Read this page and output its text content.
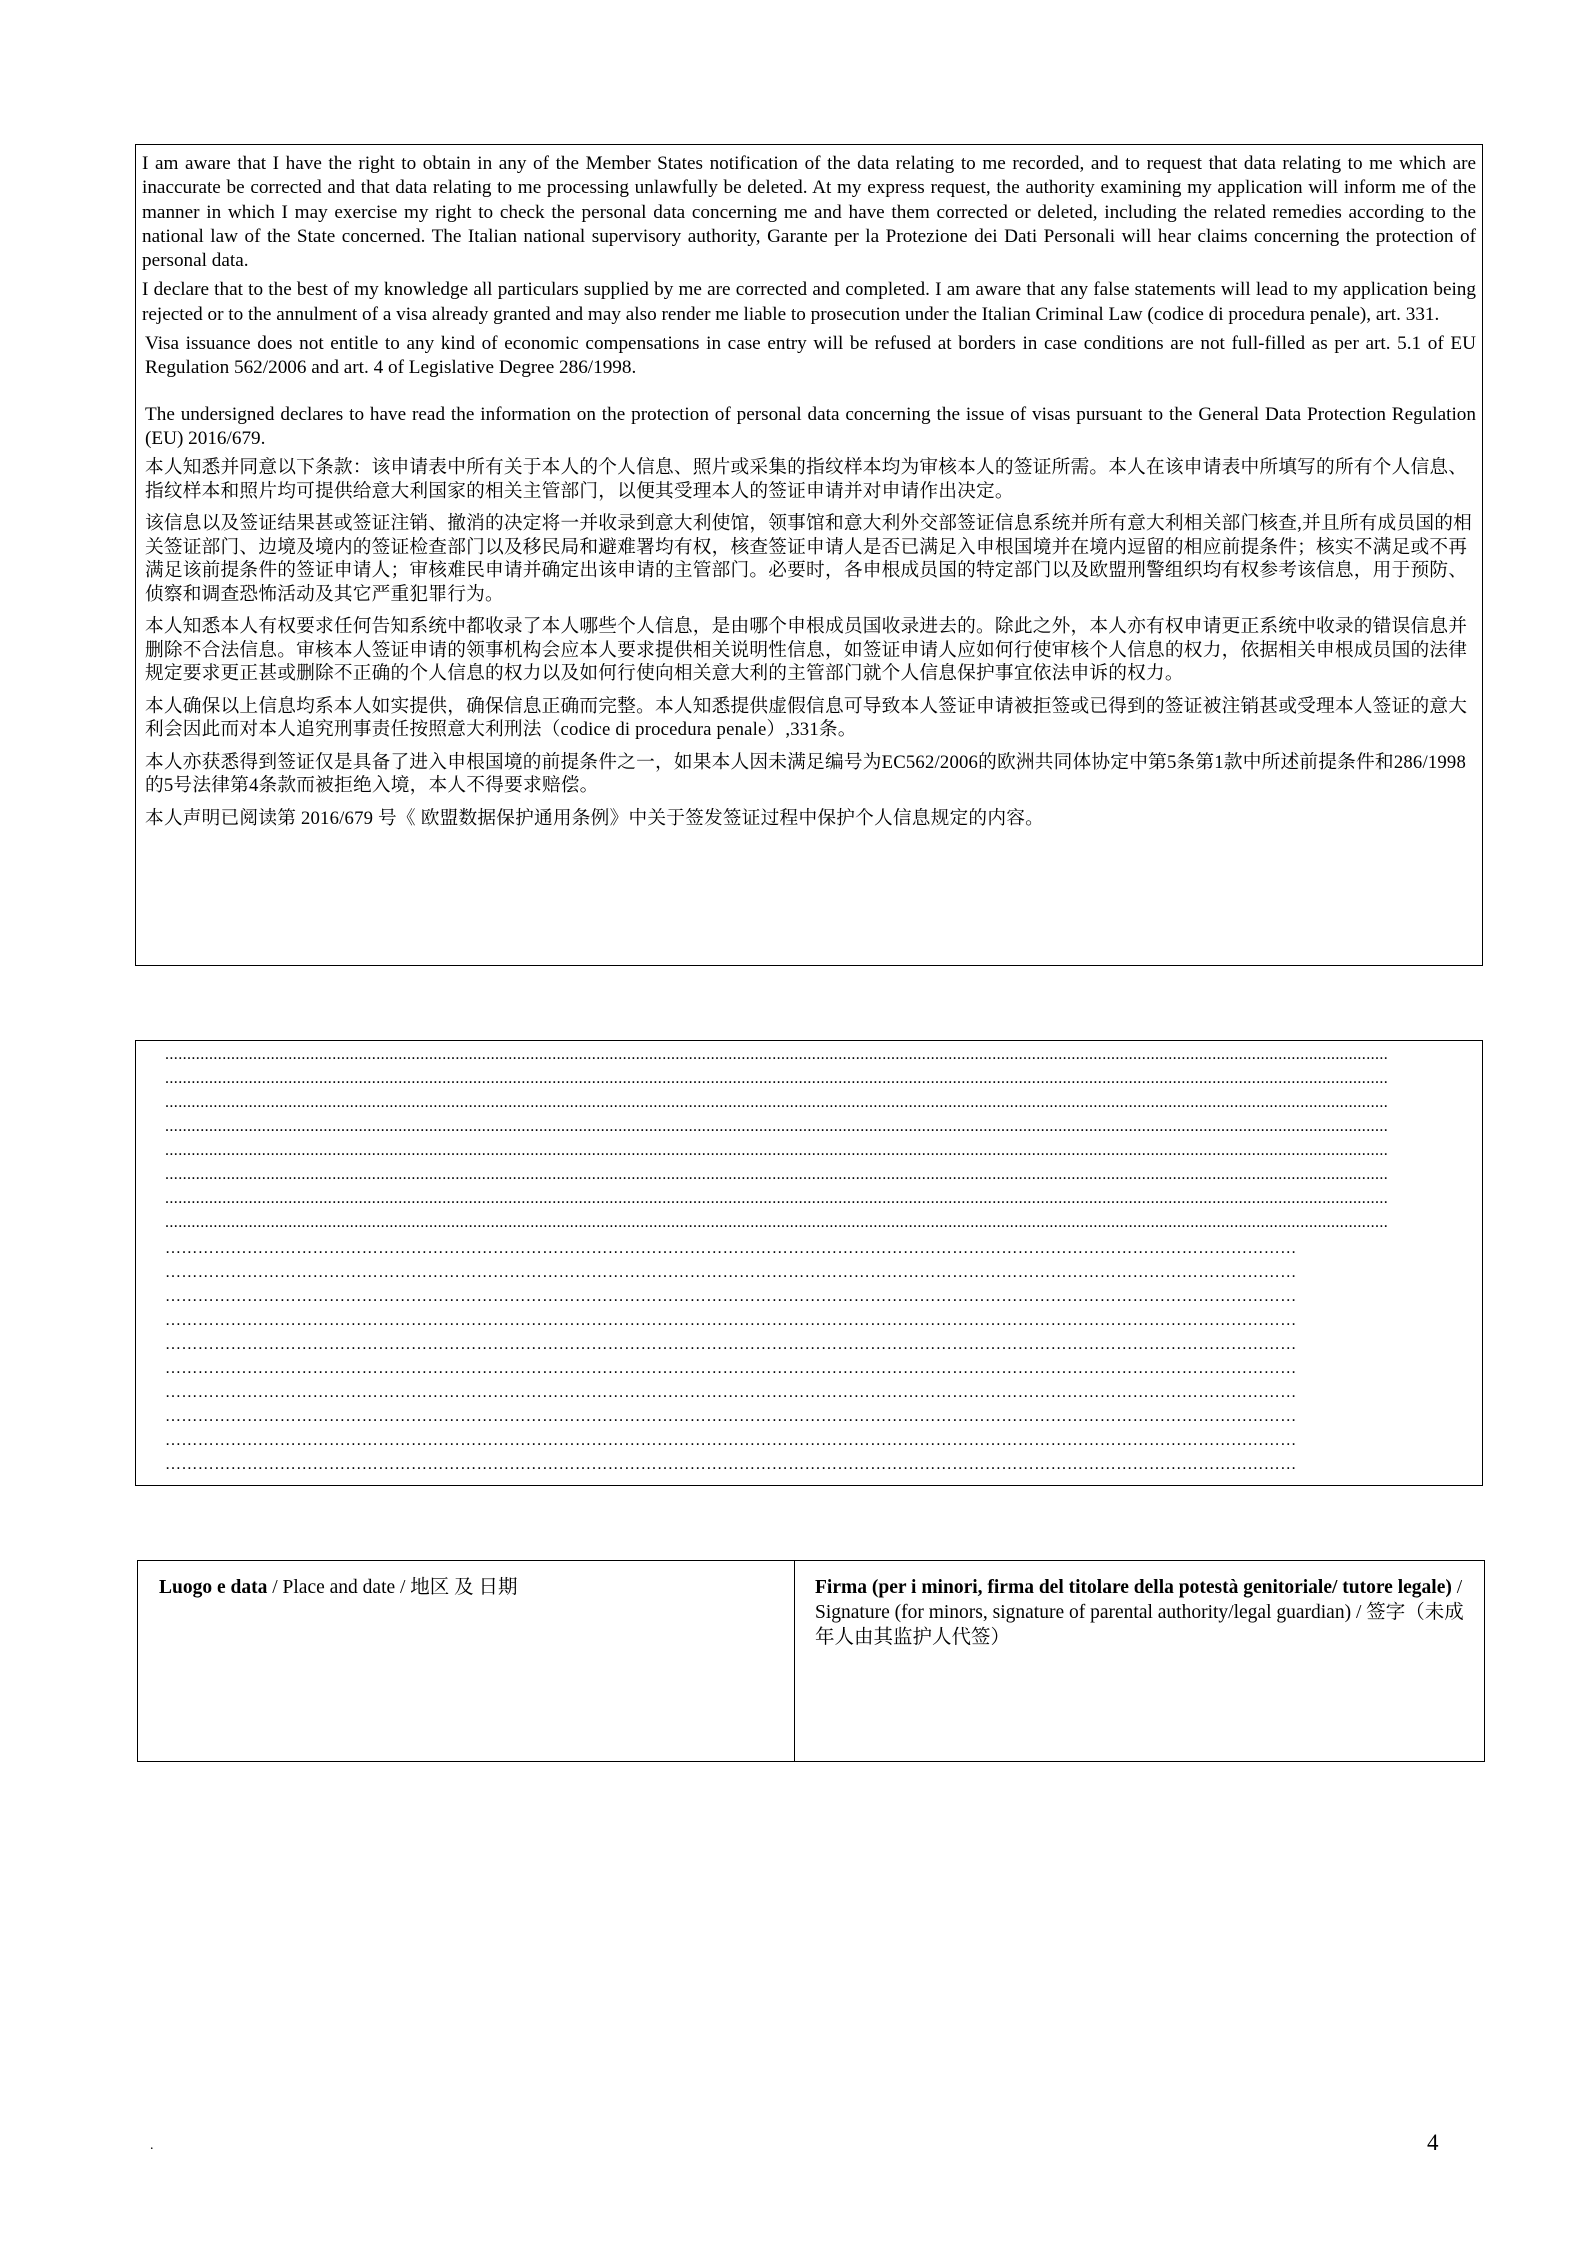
I am aware that I have the right to obtain in any of the Member States notification of the data relating to me recorded, and to request that data relating to me which are inaccurate be corrected and that data relating to me processing unlawfully be deleted. At my express request, the authority examining my application will inform me of the manner in which I may exercise my right to check the personal data concerning me and have them corrected or deleted, including the related remedies according to the national law of the State concerned. The Italian national supervisory authority, Garante per la Protezione dei Dati Personali will hear claims concerning the protection of personal data.

I declare that to the best of my knowledge all particulars supplied by me are corrected and completed. I am aware that any false statements will lead to my application being rejected or to the annulment of a visa already granted and may also render me liable to prosecution under the Italian Criminal Law (codice di procedura penale), art. 331.

Visa issuance does not entitle to any kind of economic compensations in case entry will be refused at borders in case conditions are not full-filled as per art. 5.1 of EU Regulation 562/2006 and art. 4 of Legislative Degree 286/1998.

The undersigned declares to have read the information on the protection of personal data concerning the issue of visas pursuant to the General Data Protection Regulation (EU) 2016/679.

本人知悉并同意以下条款：该申请表中所有关于本人的个人信息、照片或采集的指纹样本均为审核本人的签证所需。本人在该申请表中所填写的所有个人信息、指纹样本和照片均可提供给意大利国家的相关主管部门，以便其受理本人的签证申请并对申请作出决定。

该信息以及签证结果甚或签证注销、撤消的决定将一并收录到意大利使馆，领事馆和意大利外交部签证信息系统并所有意大利相关部门核查,并且所有成员国的相关签证部门、边境及境内的签证检查部门以及移民局和避难署均有权，核查签证申请人是否已满足入申根国境并在境内逗留的相应前提条件；核实不满足或不再满足该前提条件的签证申请人；审核难民申请并确定出该申请的主管部门。必要时，各申根成员国的特定部门以及欧盟刑警组织均有权参考该信息，用于预防、侦察和调查恐怖活动及其它严重犯罪行为。

本人知悉本人有权要求任何告知系统中都收录了本人哪些个人信息，是由哪个申根成员国收录进去的。除此之外，本人亦有权申请更正系统中收录的错误信息并删除不合法信息。审核本人签证申请的领事机构会应本人要求提供相关说明性信息，如签证申请人应如何行使审核个人信息的权力，依据相关申根成员国的法律规定要求更正甚或删除不正确的个人信息的权力以及如何行使向相关意大利的主管部门就个人信息保护事宜依法申诉的权力。

本人确保以上信息均系本人如实提供，确保信息正确而完整。本人知悉提供虚假信息可导致本人签证申请被拒签或已得到的签证被注销甚或受理本人签证的意大利会因此而对本人追究刑事责任按照意大利刑法（codice di procedura penale）,331条。

本人亦获悉得到签证仅是具备了进入申根国境的前提条件之一，如果本人因未满足编号为EC562/2006的欧洲共同体协定中第5条第1款中所述前提条件和286/1998的5号法律第4条款而被拒绝入境，本人不得要求赔偿。

本人声明已阅读第 2016/679 号《 欧盟数据保护通用条例》中关于签发签证过程中保护个人信息规定的内容。

......................................................................................................................................................................................................................................................................................
......................................................................................................................................................................................................................................................................................
......................................................................................................................................................................................................................................................................................
......................................................................................................................................................................................................................................................................................
......................................................................................................................................................................................................................................................................................
......................................................................................................................................................................................................................................................................................
......................................................................................................................................................................................................................................................................................
......................................................................................................................................................................................................................................................................................
………………………………………………………………………………………………………………………………………………………………………………………
………………………………………………………………………………………………………………………………………………………………………………………
………………………………………………………………………………………………………………………………………………………………………………………
………………………………………………………………………………………………………………………………………………………………………………………
………………………………………………………………………………………………………………………………………………………………………………………
………………………………………………………………………………………………………………………………………………………………………………………
………………………………………………………………………………………………………………………………………………………………………………………
………………………………………………………………………………………………………………………………………………………………………………………
………………………………………………………………………………………………………………………………………………………………………………………
………………………………………………………………………………………………………………………………………………………………………………………
Luogo e data / Place and date / 地区 及 日期	Firma (per i minori, firma del titolare della potestà genitoriale/ tutore legale) / Signature (for minors, signature of parental authority/legal guardian) / 签字（未成年人由其监护人代签）
.	4
